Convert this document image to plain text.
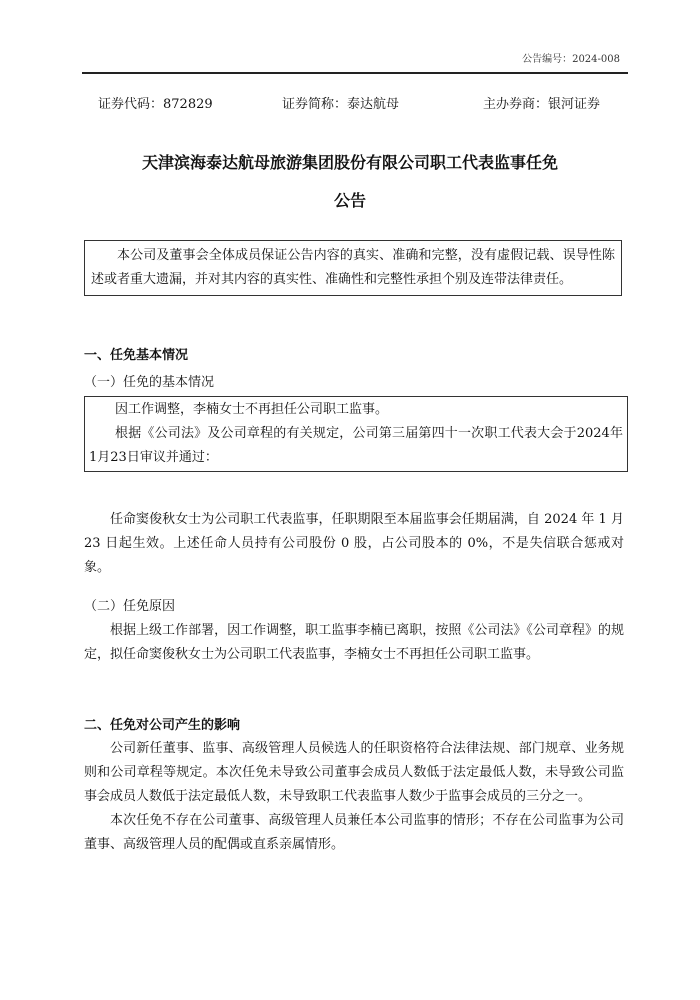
公告编号：2024-008
证券代码：872829	证券简称：泰达航母	主办券商：银河证券
天津滨海泰达航母旅游集团股份有限公司职工代表监事任免
公告

本公司及董事会全体成员保证公告内容的真实、准确和完整，没有虚假记载、误导性陈述或者重大遗漏，并对其内容的真实性、准确性和完整性承担个别及连带法律责任。

一、任免基本情况
（一）任免的基本情况

因工作调整，李楠女士不再担任公司职工监事。

根据《公司法》及公司章程的有关规定，公司第三届第四十一次职工代表大会于2024年1月23日审议并通过：

任命窦俊秋女士为公司职工代表监事，任职期限至本届监事会任期届满，自 2024 年 1 月 23 日起生效。上述任命人员持有公司股份 0 股，占公司股本的 0%，不是失信联合惩戒对象。

（二）任免原因

根据上级工作部署，因工作调整，职工监事李楠已离职，按照《公司法》《公司章程》的规定，拟任命窦俊秋女士为公司职工代表监事，李楠女士不再担任公司职工监事。

二、任免对公司产生的影响

公司新任董事、监事、高级管理人员候选人的任职资格符合法律法规、部门规章、业务规则和公司章程等规定。本次任免未导致公司董事会成员人数低于法定最低人数，未导致公司监事会成员人数低于法定最低人数，未导致职工代表监事人数少于监事会成员的三分之一。

本次任免不存在公司董事、高级管理人员兼任本公司监事的情形；不存在公司监事为公司董事、高级管理人员的配偶或直系亲属情形。
